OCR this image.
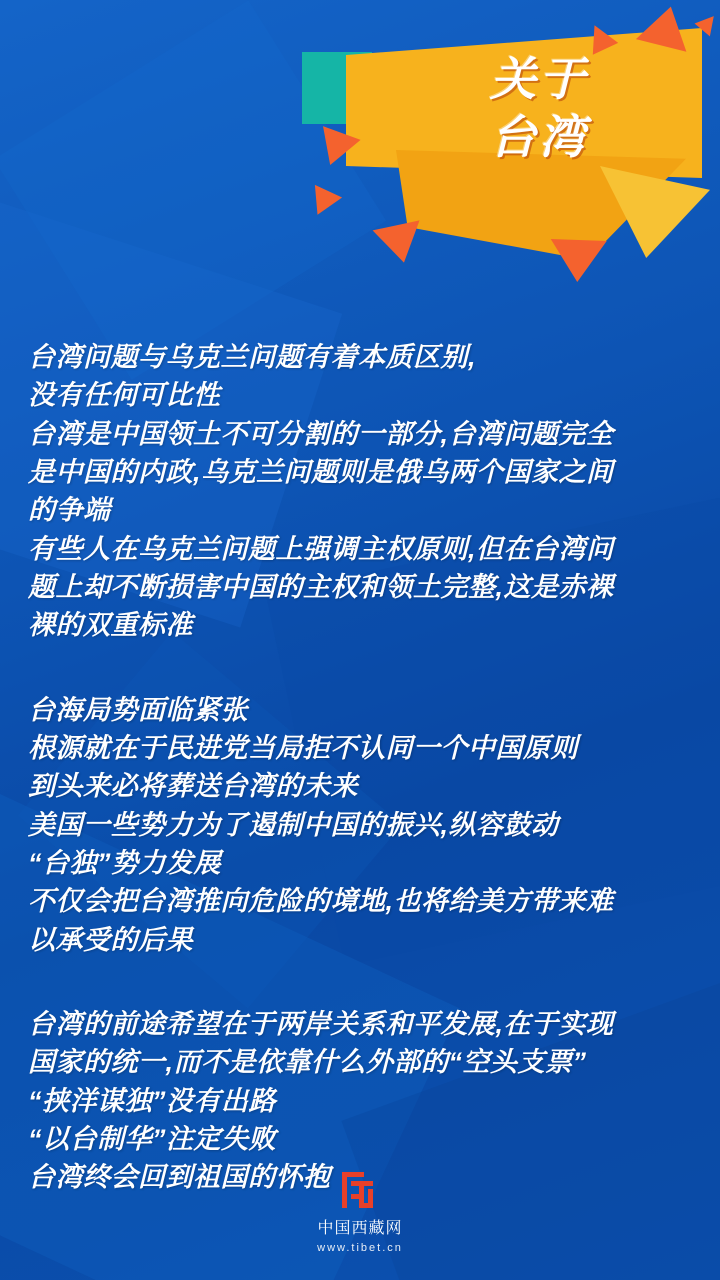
关于
台湾
台湾问题与乌克兰问题有着本质区别,
没有任何可比性
台湾是中国领土不可分割的一部分,台湾问题完全
是中国的内政,乌克兰问题则是俄乌两个国家之间
的争端
有些人在乌克兰问题上强调主权原则,但在台湾问
题上却不断损害中国的主权和领土完整,这是赤裸
裸的双重标准
台海局势面临紧张
根源就在于民进党当局拒不认同一个中国原则
到头来必将葬送台湾的未来
美国一些势力为了遏制中国的振兴,纵容鼓动
“台独”势力发展
不仅会把台湾推向危险的境地,也将给美方带来难
以承受的后果
台湾的前途希望在于两岸关系和平发展,在于实现
国家的统一,而不是依靠什么外部的“空头支票”
“挟洋谋独”没有出路
“以台制华”注定失败
台湾终会回到祖国的怀抱
中国西藏网
www.tibet.cn
